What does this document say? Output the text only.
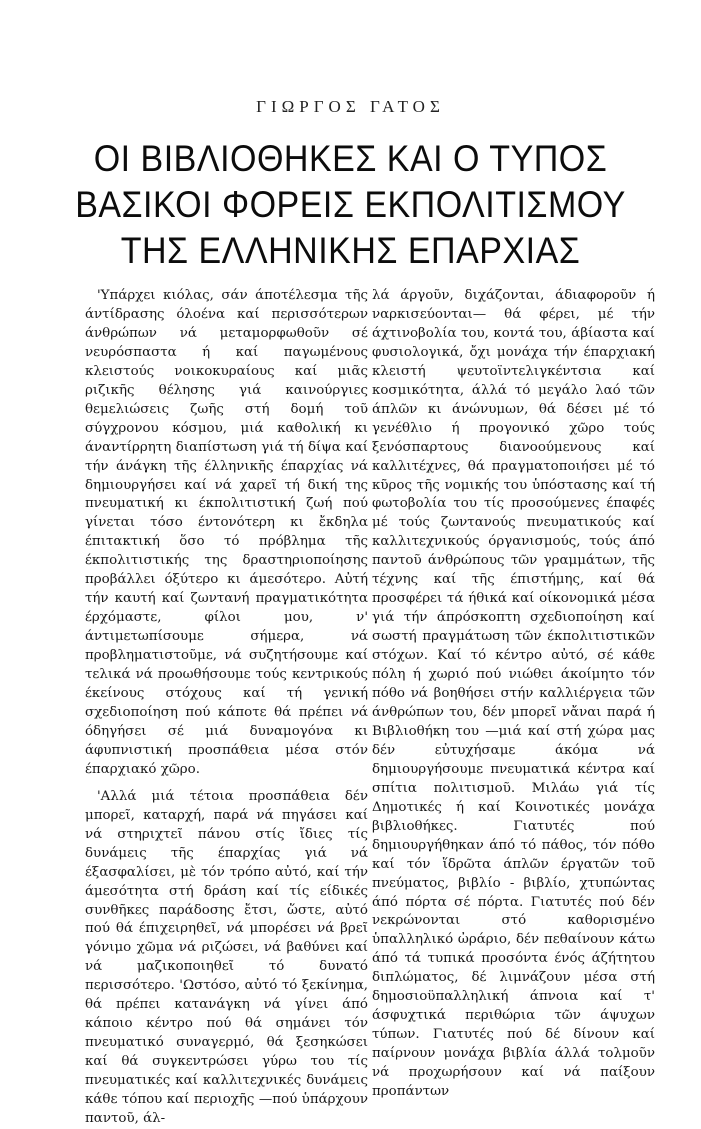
ΓΙΩΡΓΟΣ ΓΑΤΟΣ
ΟΙ ΒΙΒΛΙΟΘΗΚΕΣ ΚΑΙ Ο ΤΥΠΟΣ
ΒΑΣΙΚΟΙ ΦΟΡΕΙΣ ΕΚΠΟΛΙΤΙΣΜΟΥ
ΤΗΣ ΕΛΛΗΝΙΚΗΣ ΕΠΑΡΧΙΑΣ

'Υπάρχει κιόλας, σάν άποτέλεσμα τῆς άντίδρασης όλοένα καί περισσότερων άνθρώπων νά μεταμορφωθοῦν σέ νευρόσπαστα ή καί παγωμένους κλειστούς νοικοκυραίους καί μιᾶς ριζικῆς θέλησης γιά καινούργιες θεμελιώσεις ζωῆς στή δομή τοῦ σύγχρονου κόσμου, μιά καθολική κι άναντίρρητη διαπίστωση γιά τή δίψα καί τήν άνάγκη τῆς έλληνικῆς έπαρχίας νά δημιουργήσει καί νά χαρεῖ τή δική της πνευματική κι έκπολιτιστική ζωή πού γίνεται τόσο έντονότερη κι ἔκδηλα έπιτακτική ὅσο τό πρόβλημα τῆς έκπολιτιστικής της δραστηριοποίησης προβάλλει όξύτερο κι άμεσότερο. Αὐτή τήν καυτή καί ζωντανή πραγματικότητα έρχόμαστε, φίλοι μου, ν' άντιμετωπίσουμε σήμερα, νά προβληματιστοῦμε, νά συζητήσουμε καί τελικά νά προωθήσουμε τούς κεντρικούς έκείνους στόχους καί τή γενική σχεδιοποίηση πού κάποτε θά πρέπει νά όδηγήσει σέ μιά δυναμογόνα κι άφυπνιστική προσπάθεια μέσα στόν έπαρχιακό χῶρο.

'Αλλά μιά τέτοια προσπάθεια δέν μπορεῖ, καταρχή, παρά νά πηγάσει καί νά στηριχτεῖ πάνου στίς ἴδιες τίς δυνάμεις τῆς έπαρχίας γιά νά έξασφαλίσει, μὲ τόν τρόπο αὐτό, καί τήν άμεσότητα στή δράση καί τίς είδικές συνθῆκες παράδοσης ἔτσι, ὥστε, αὐτό πού θά έπιχειρηθεῖ, νά μπορέσει νά βρεῖ γόνιμο χῶμα νά ριζώσει, νά βαθύνει καί νά μαζικοποιηθεῖ τό δυνατό περισσότερο. 'Ωστόσο, αὐτό τό ξεκίνημα, θά πρέπει κατανάγκη νά γίνει άπό κάποιο κέντρο πού θά σημάνει τόν πνευματικό συναγερμό, θά ξεσηκώσει καί θά συγκεντρώσει γύρω του τίς πνευματικές καί καλλιτεχνικές δυνάμεις κάθε τόπου καί περιοχῆς —πού ὑπάρχουν παντοῦ, άλ-

λά άργοῦν, διχάζονται, άδιαφοροῦν ή ναρκισεύονται— θά φέρει, μέ τήν άχτινοβολία του, κοντά του, άβίαστα καί φυσιολογικά, ὄχι μονάχα τήν έπαρχιακή κλειστή ψευτοϊντελιγκέντσια καί κοσμικότητα, άλλά τό μεγάλο λαό τῶν άπλῶν κι άνώνυμων, θά δέσει μέ τό γενέθλιο ή προγονικό χῶρο τούς ξενόσπαρτους διανοούμενους καί καλλιτέχνες, θά πραγματοποιήσει μέ τό κῦρος τῆς νομικής του ὑπόστασης καί τή φωτοβολία του τίς προσούμενες έπαφές μέ τούς ζωντανούς πνευματικούς καί καλλιτεχνικούς όργανισμούς, τούς άπό παντοῦ άνθρώπους τῶν γραμμάτων, τῆς τέχνης καί τῆς έπιστήμης, καί θά προσφέρει τά ήθικά καί οίκονομικά μέσα γιά τήν άπρόσκοπτη σχεδιοποίηση καί σωστή πραγμάτωση τῶν έκπολιτιστικῶν στόχων. Καί τό κέντρο αὐτό, σέ κάθε πόλη ή χωριό πού νιώθει άκοίμητο τόν πόθο νά βοηθήσει στήν καλλιέργεια τῶν άνθρώπων του, δέν μπορεῖ νἄναι παρά ή Βιβλιοθήκη του —μιά καί στή χώρα μας δέν εὐτυχήσαμε άκόμα νά δημιουργήσουμε πνευματικά κέντρα καί σπίτια πολιτισμοῦ. Μιλάω γιά τίς Δημοτικές ή καί Κοινοτικές μονάχα βιβλιοθήκες. Γιατυτές πού δημιουργήθηκαν άπό τό πάθος, τόν πόθο καί τόν ἵδρῶτα άπλῶν έργατῶν τοῦ πνεύματος, βιβλίο - βιβλίο, χτυπώντας άπό πόρτα σέ πόρτα. Γιατυτές πού δέν νεκρώνονται στό καθορισμένο ὑπαλληλικό ὠράριο, δέν πεθαίνουν κάτω άπό τά τυπικά προσόντα ένός άζήτητου διπλώματος, δέ λιμνάζουν μέσα στή δημοσιοϋπαλληλική άπνοια καί τ' άσφυχτικά περιθώρια τῶν άψυχων τύπων. Γιατυτές πού δέ δίνουν καί παίρνουν μονάχα βιβλία άλλά τολμοῦν νά προχωρήσουν καί νά παίξουν προπάντων
